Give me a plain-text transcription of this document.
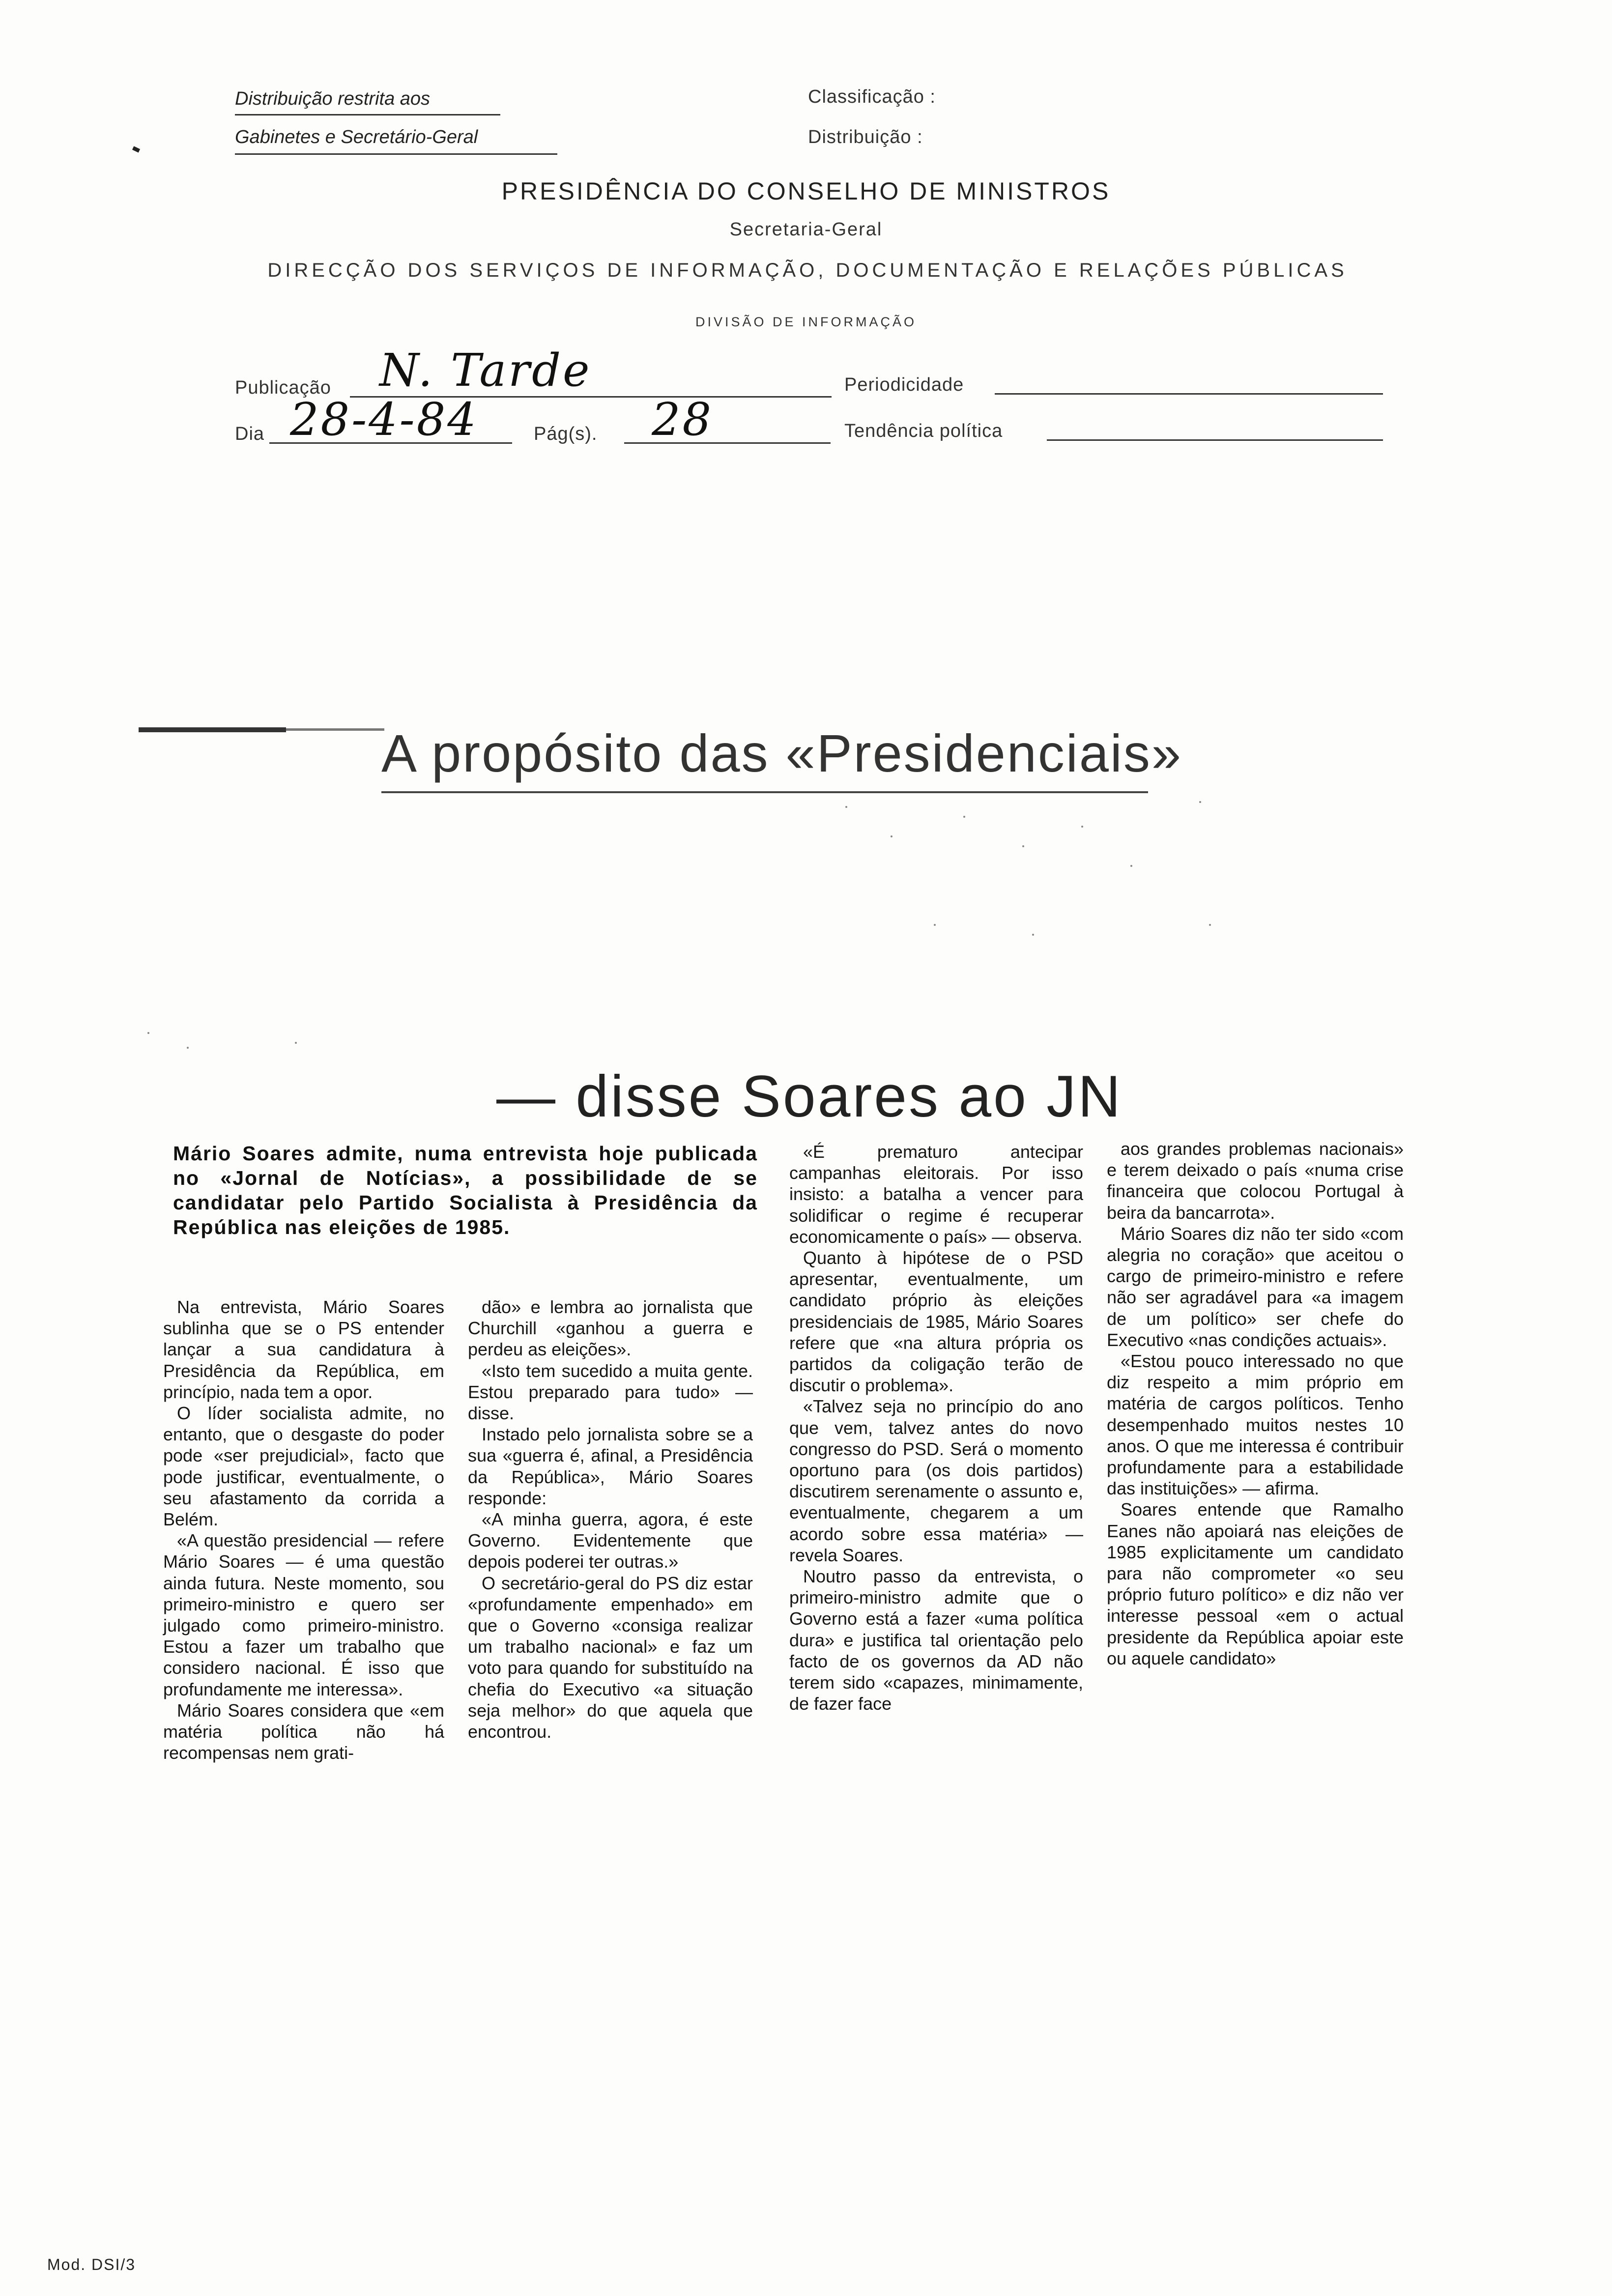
Distribuição restrita aos
Gabinetes e Secretário-Geral
Classificação :
Distribuição :
PRESIDÊNCIA DO CONSELHO DE MINISTROS
Secretaria-Geral
DIRECÇÃO DOS SERVIÇOS DE INFORMAÇÃO, DOCUMENTAÇÃO E RELAÇÕES PÚBLICAS
DIVISÃO DE INFORMAÇÃO
Publicação N. Tarde	Periodicidade
Dia 28-4-84	Pág(s). 28	Tendência política
A propósito das «Presidenciais»
— disse Soares ao JN

Mário Soares admite, numa entrevista hoje publicada no «Jornal de Notícias», a possibilidade de se candidatar pelo Partido Socialista à Presidência da República nas eleições de 1985.

Na entrevista, Mário Soares sublinha que se o PS entender lançar a sua candidatura à Presidência da República, em princípio, nada tem a opor.

O líder socialista admite, no entanto, que o desgaste do poder pode «ser prejudicial», facto que pode justificar, eventualmente, o seu afastamento da corrida a Belém.

«A questão presidencial — refere Mário Soares — é uma questão ainda futura. Neste momento, sou primeiro-ministro e quero ser julgado como primeiro-ministro. Estou a fazer um trabalho que considero nacional. É isso que profundamente me interessa».

Mário Soares considera que «em matéria política não há recompensas nem grati-

dão» e lembra ao jornalista que Churchill «ganhou a guerra e perdeu as eleições».

«Isto tem sucedido a muita gente. Estou preparado para tudo» — disse.

Instado pelo jornalista sobre se a sua «guerra é, afinal, a Presidência da República», Mário Soares responde:

«A minha guerra, agora, é este Governo. Evidentemente que depois poderei ter outras.»

O secretário-geral do PS diz estar «profundamente empenhado» em que o Governo «consiga realizar um trabalho nacional» e faz um voto para quando for substituído na chefia do Executivo «a situação seja melhor» do que aquela que encontrou.

«É prematuro antecipar campanhas eleitorais. Por isso insisto: a batalha a vencer para solidificar o regime é recuperar economicamente o país» — observa.

Quanto à hipótese de o PSD apresentar, eventualmente, um candidato próprio às eleições presidenciais de 1985, Mário Soares refere que «na altura própria os partidos da coligação terão de discutir o problema».

«Talvez seja no princípio do ano que vem, talvez antes do novo congresso do PSD. Será o momento oportuno para (os dois partidos) discutirem serenamente o assunto e, eventualmente, chegarem a um acordo sobre essa matéria» — revela Soares.

Noutro passo da entrevista, o primeiro-ministro admite que o Governo está a fazer «uma política dura» e justifica tal orientação pelo facto de os governos da AD não terem sido «capazes, minimamente, de fazer face

aos grandes problemas nacionais» e terem deixado o país «numa crise financeira que colocou Portugal à beira da bancarrota».

Mário Soares diz não ter sido «com alegria no coração» que aceitou o cargo de primeiro-ministro e refere não ser agradável para «a imagem de um político» ser chefe do Executivo «nas condições actuais».

«Estou pouco interessado no que diz respeito a mim próprio em matéria de cargos políticos. Tenho desempenhado muitos nestes 10 anos. O que me interessa é contribuir profundamente para a estabilidade das instituições» — afirma.

Soares entende que Ramalho Eanes não apoiará nas eleições de 1985 explicitamente um candidato para não comprometer «o seu próprio futuro político» e diz não ver interesse pessoal «em o actual presidente da República apoiar este ou aquele candidato»

Mod. DSI/3
